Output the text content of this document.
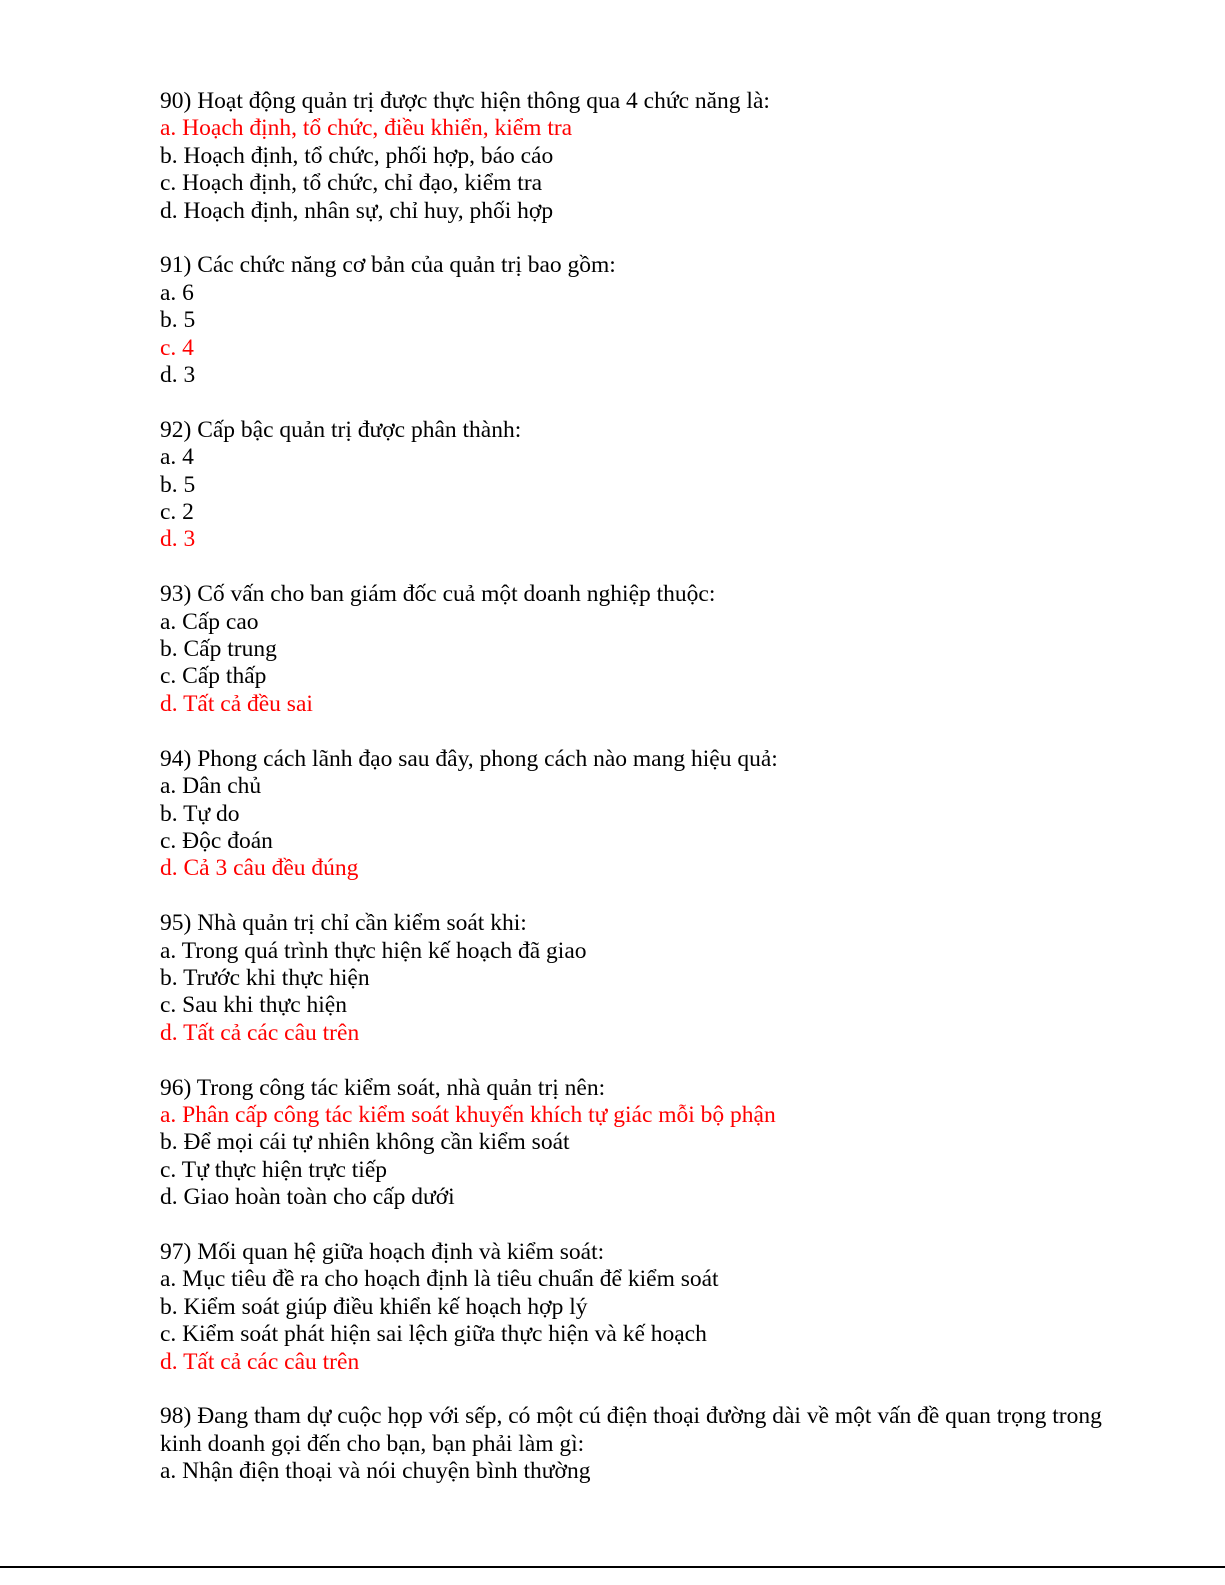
90) Hoạt động quản trị được thực hiện thông qua 4 chức năng là:
a. Hoạch định, tổ chức, điều khiển, kiểm tra
b. Hoạch định, tổ chức, phối hợp, báo cáo
c. Hoạch định, tổ chức, chỉ đạo, kiểm tra
d. Hoạch định, nhân sự, chỉ huy, phối hợp
91) Các chức năng cơ bản của quản trị bao gồm:
a. 6
b. 5
c. 4
d. 3
92) Cấp bậc quản trị được phân thành:
a. 4
b. 5
c. 2
d. 3
93) Cố vấn cho ban giám đốc cuả một doanh nghiệp thuộc:
a. Cấp cao
b. Cấp trung
c. Cấp thấp
d. Tất cả đều sai
94) Phong cách lãnh đạo sau đây, phong cách nào mang hiệu quả:
a. Dân chủ
b. Tự do
c. Độc đoán
d. Cả 3 câu đều đúng
95) Nhà quản trị chỉ cần kiểm soát khi:
a. Trong quá trình thực hiện kế hoạch đã giao
b. Trước khi thực hiện
c. Sau khi thực hiện
d. Tất cả các câu trên
96) Trong công tác kiểm soát, nhà quản trị nên:
a. Phân cấp công tác kiểm soát khuyến khích tự giác mỗi bộ phận
b. Để mọi cái tự nhiên không cần kiểm soát
c. Tự thực hiện trực tiếp
d. Giao hoàn toàn cho cấp dưới
97) Mối quan hệ giữa hoạch định và kiểm soát:
a. Mục tiêu đề ra cho hoạch định là tiêu chuẩn để kiểm soát
b. Kiểm soát giúp điều khiển kế hoạch hợp lý
c. Kiểm soát phát hiện sai lệch giữa thực hiện và kế hoạch
d. Tất cả các câu trên
98) Đang tham dự cuộc họp với sếp, có một cú điện thoại đường dài về một vấn đề quan trọng trong kinh doanh gọi đến cho bạn, bạn phải làm gì:
a. Nhận điện thoại và nói chuyện bình thường
